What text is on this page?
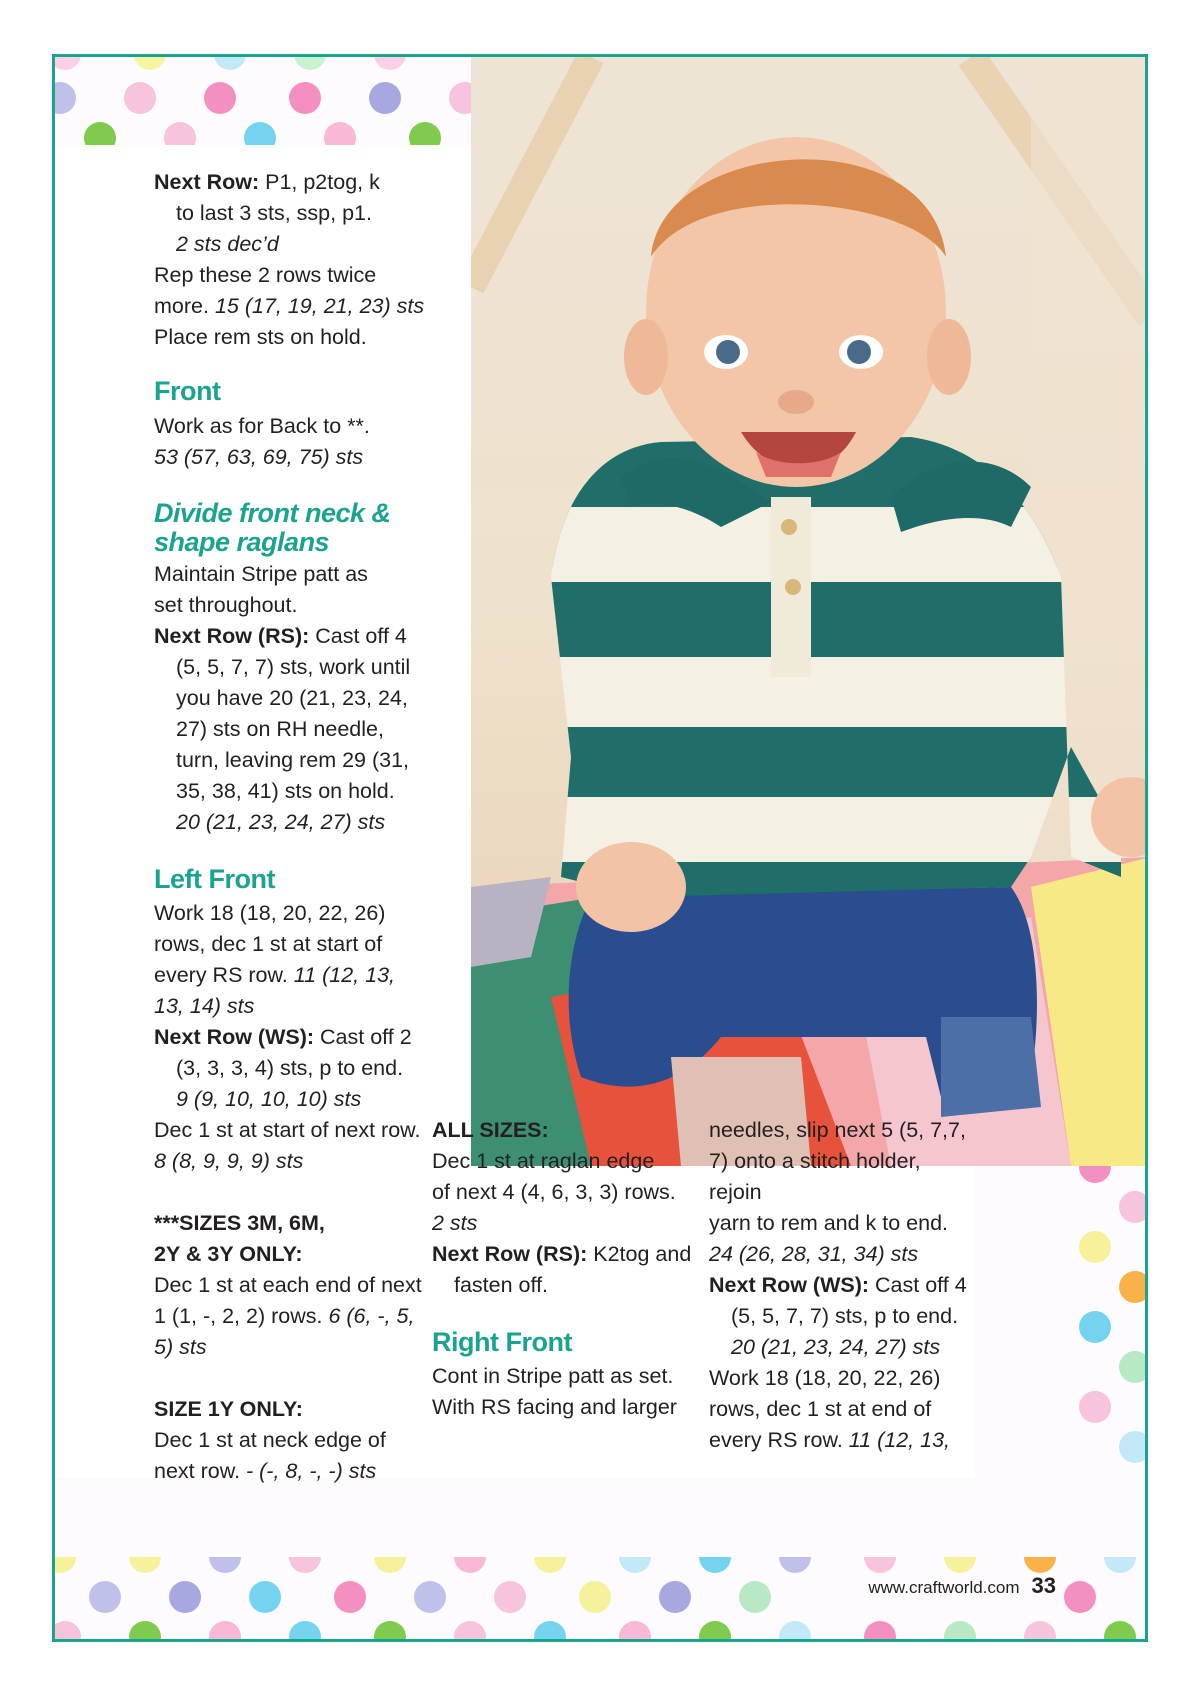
Next Row: P1, p2tog, k

to last 3 sts, ssp, p1.

2 sts dec’d

Rep these 2 rows twice

more. 15 (17, 19, 21, 23) sts

Place rem sts on hold.

Front

Work as for Back to **.

53 (57, 63, 69, 75) sts

Divide front neck &

shape raglans

Maintain Stripe patt as

set throughout.

Next Row (RS): Cast off 4

(5, 5, 7, 7) sts, work until

you have 20 (21, 23, 24,

27) sts on RH needle,

turn, leaving rem 29 (31,

35, 38, 41) sts on hold.

20 (21, 23, 24, 27) sts

Left Front

Work 18 (18, 20, 22, 26)

rows, dec 1 st at start of

every RS row. 11 (12, 13,

13, 14) sts

Next Row (WS): Cast off 2

(3, 3, 3, 4) sts, p to end.

9 (9, 10, 10, 10) sts

Dec 1 st at start of next row.

8 (8, 9, 9, 9) sts

***SIZES 3M, 6M,

2Y & 3Y ONLY:

Dec 1 st at each end of next

1 (1, -, 2, 2) rows. 6 (6, -, 5,

5) sts

SIZE 1Y ONLY:

Dec 1 st at neck edge of

next row. - (-, 8, -, -) sts

ALL SIZES:

Dec 1 st at raglan edge

of next 4 (4, 6, 3, 3) rows.

2 sts

Next Row (RS): K2tog and

fasten off.

Right Front

Cont in Stripe patt as set.

With RS facing and larger

needles, slip next 5 (5, 7,7,

7) onto a stitch holder, rejoin

yarn to rem and k to end.

24 (26, 28, 31, 34) sts

Next Row (WS): Cast off 4

(5, 5, 7, 7) sts, p to end.

20 (21, 23, 24, 27) sts

Work 18 (18, 20, 22, 26)

rows, dec 1 st at end of

every RS row. 11 (12, 13,

www.craftworld.com 33
